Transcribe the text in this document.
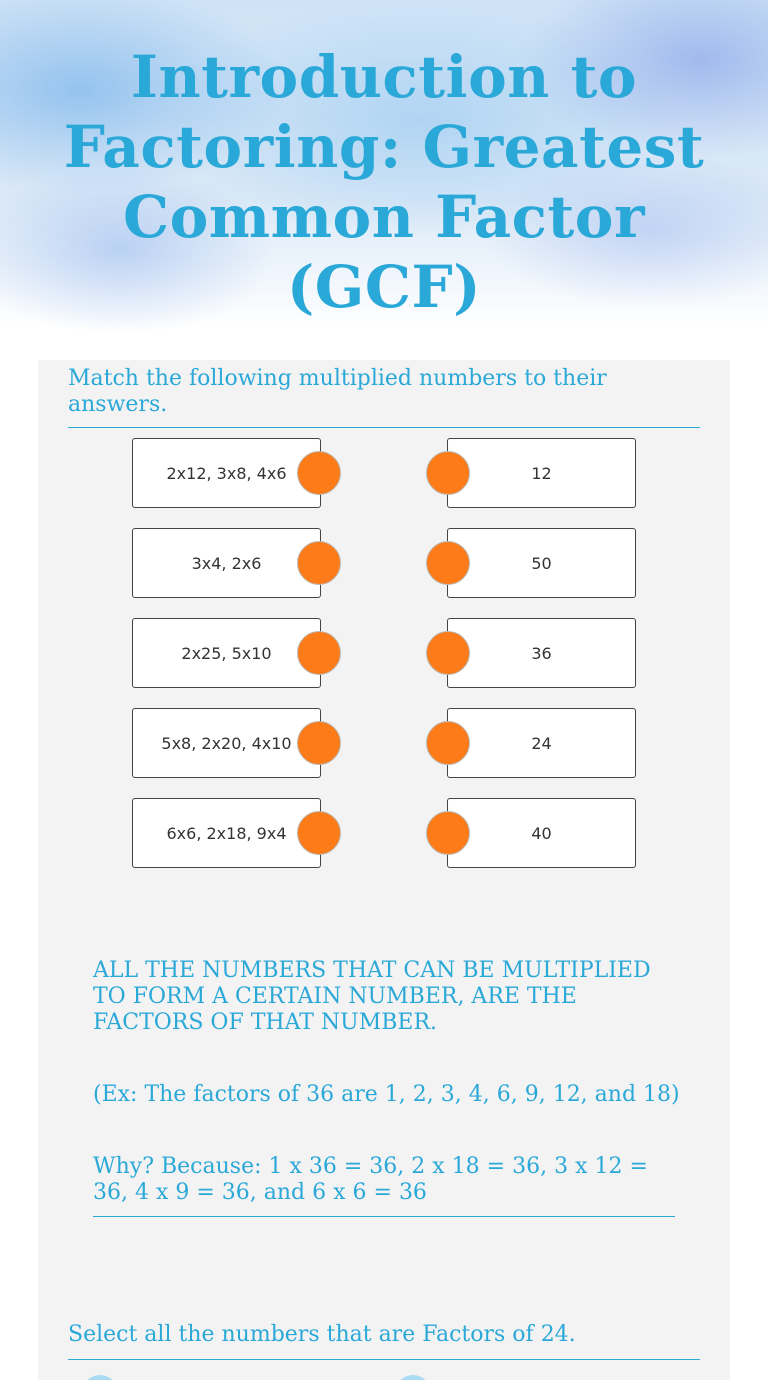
Introduction to Factoring: Greatest Common Factor (GCF)
Match the following multiplied numbers to their answers.
2x12, 3x8, 4x6
3x4, 2x6
2x25, 5x10
5x8, 2x20, 4x10
6x6, 2x18, 9x4
12
50
36
24
40
ALL THE NUMBERS THAT CAN BE MULTIPLIED TO FORM A CERTAIN NUMBER, ARE THE FACTORS OF THAT NUMBER.
(Ex: The factors of 36 are 1, 2, 3, 4, 6, 9, 12, and 18)
Why? Because: 1 x 36 = 36, 2 x 18 = 36, 3 x 12 = 36, 4 x 9 = 36, and 6 x 6 = 36
Select all the numbers that are Factors of 24.
